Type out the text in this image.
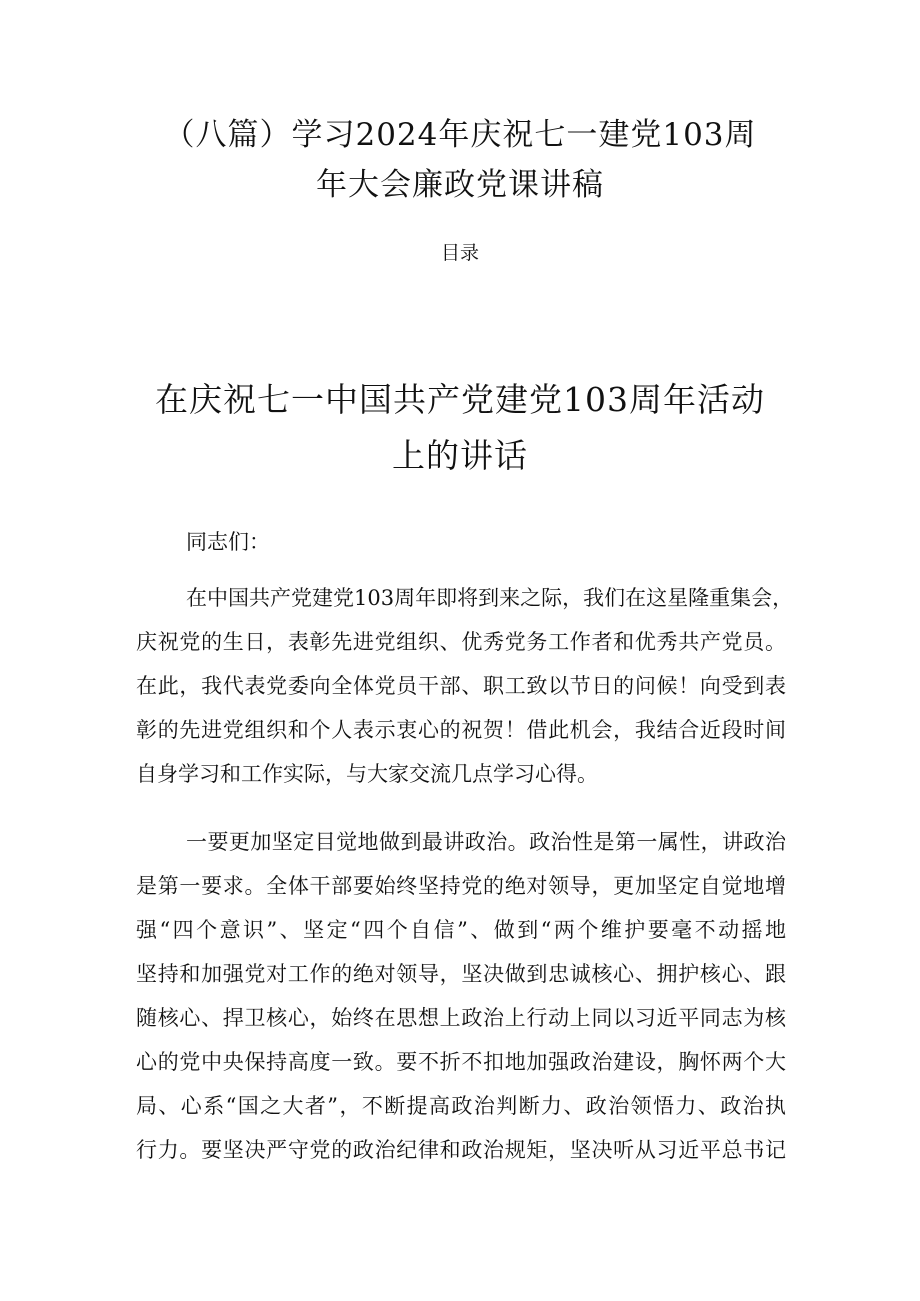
（八篇）学习2024年庆祝七一建党103周
年大会廉政党课讲稿

目录

在庆祝七一中国共产党建党103周年活动
上的讲话

同志们：

在中国共产党建党103周年即将到来之际，我们在这星隆重集会，
庆祝党的生日，表彰先进党组织、优秀党务工作者和优秀共产党员。
在此，我代表党委向全体党员干部、职工致以节日的问候！向受到表
彰的先进党组织和个人表示衷心的祝贺！借此机会，我结合近段时间
自身学习和工作实际，与大家交流几点学习心得。

一要更加坚定目觉地做到最讲政治。政治性是第一属性，讲政治
是第一要求。全体干部要始终坚持党的绝对领导，更加坚定自觉地增
强“四个意识”、坚定“四个自信”、做到“两个维护要毫不动摇地
坚持和加强党对工作的绝对领导，坚决做到忠诚核心、拥护核心、跟
随核心、捍卫核心，始终在思想上政治上行动上同以习近平同志为核
心的党中央保持高度一致。要不折不扣地加强政治建设，胸怀两个大
局、心系“国之大者”，不断提高政治判断力、政治领悟力、政治执
行力。要坚决严守党的政治纪律和政治规矩，坚决听从习近平总书记
